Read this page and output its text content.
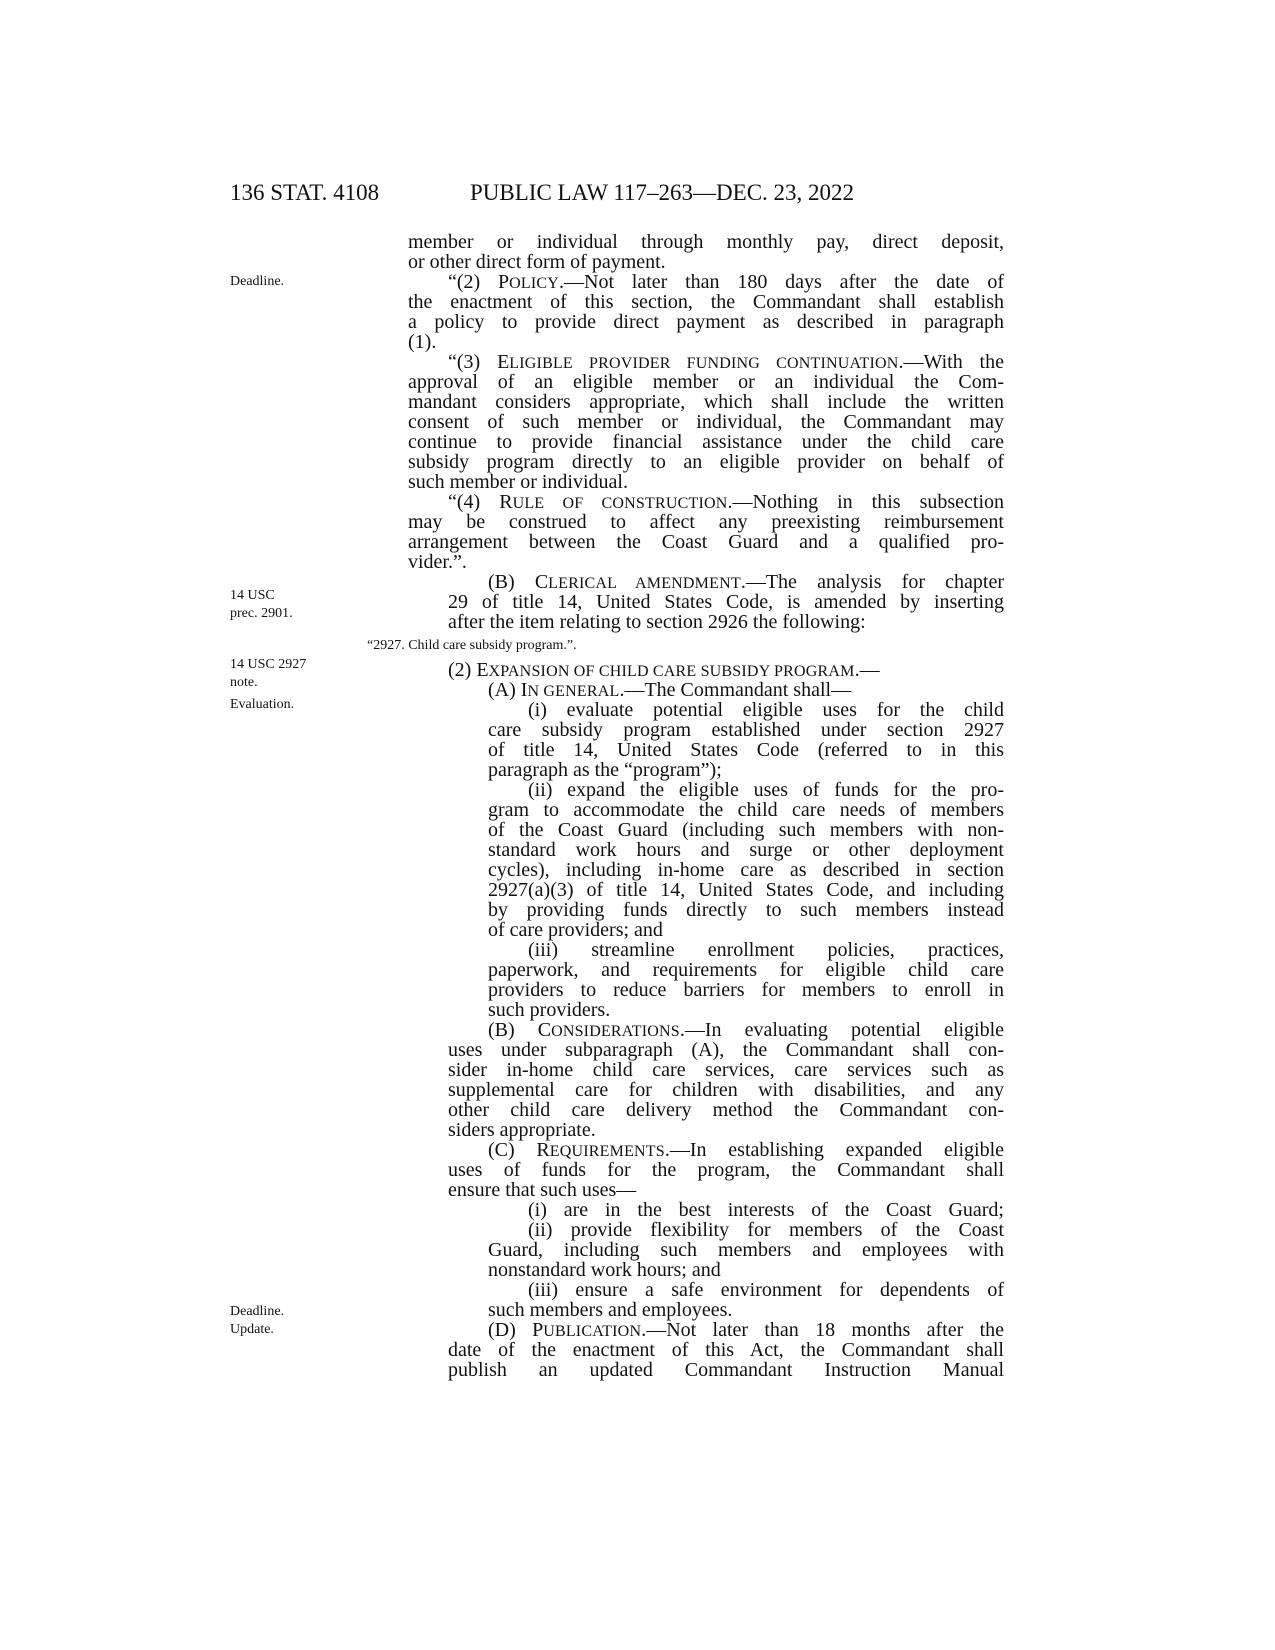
136 STAT. 4108	PUBLIC LAW 117–263—DEC. 23, 2022
Deadline.
14 USC
prec. 2901.
14 USC 2927
note.
Evaluation.
Deadline.
Update.
member or individual through monthly pay, direct deposit,
or other direct form of payment.
“(2) POLICY.—Not later than 180 days after the date of
the enactment of this section, the Commandant shall establish
a policy to provide direct payment as described in paragraph
(1).
“(3) ELIGIBLE PROVIDER FUNDING CONTINUATION.—With the
approval of an eligible member or an individual the Com-
mandant considers appropriate, which shall include the written
consent of such member or individual, the Commandant may
continue to provide financial assistance under the child care
subsidy program directly to an eligible provider on behalf of
such member or individual.
“(4) RULE OF CONSTRUCTION.—Nothing in this subsection
may be construed to affect any preexisting reimbursement
arrangement between the Coast Guard and a qualified pro-
vider.”.
(B) CLERICAL AMENDMENT.—The analysis for chapter
29 of title 14, United States Code, is amended by inserting
after the item relating to section 2926 the following:
“2927. Child care subsidy program.”.
(2) EXPANSION OF CHILD CARE SUBSIDY PROGRAM.—
(A) IN GENERAL.—The Commandant shall—
(i) evaluate potential eligible uses for the child
care subsidy program established under section 2927
of title 14, United States Code (referred to in this
paragraph as the “program”);
(ii) expand the eligible uses of funds for the pro-
gram to accommodate the child care needs of members
of the Coast Guard (including such members with non-
standard work hours and surge or other deployment
cycles), including in-home care as described in section
2927(a)(3) of title 14, United States Code, and including
by providing funds directly to such members instead
of care providers; and
(iii) streamline enrollment policies, practices,
paperwork, and requirements for eligible child care
providers to reduce barriers for members to enroll in
such providers.
(B) CONSIDERATIONS.—In evaluating potential eligible
uses under subparagraph (A), the Commandant shall con-
sider in-home child care services, care services such as
supplemental care for children with disabilities, and any
other child care delivery method the Commandant con-
siders appropriate.
(C) REQUIREMENTS.—In establishing expanded eligible
uses of funds for the program, the Commandant shall
ensure that such uses—
(i) are in the best interests of the Coast Guard;
(ii) provide flexibility for members of the Coast
Guard, including such members and employees with
nonstandard work hours; and
(iii) ensure a safe environment for dependents of
such members and employees.
(D) PUBLICATION.—Not later than 18 months after the
date of the enactment of this Act, the Commandant shall
publish an updated Commandant Instruction Manual
